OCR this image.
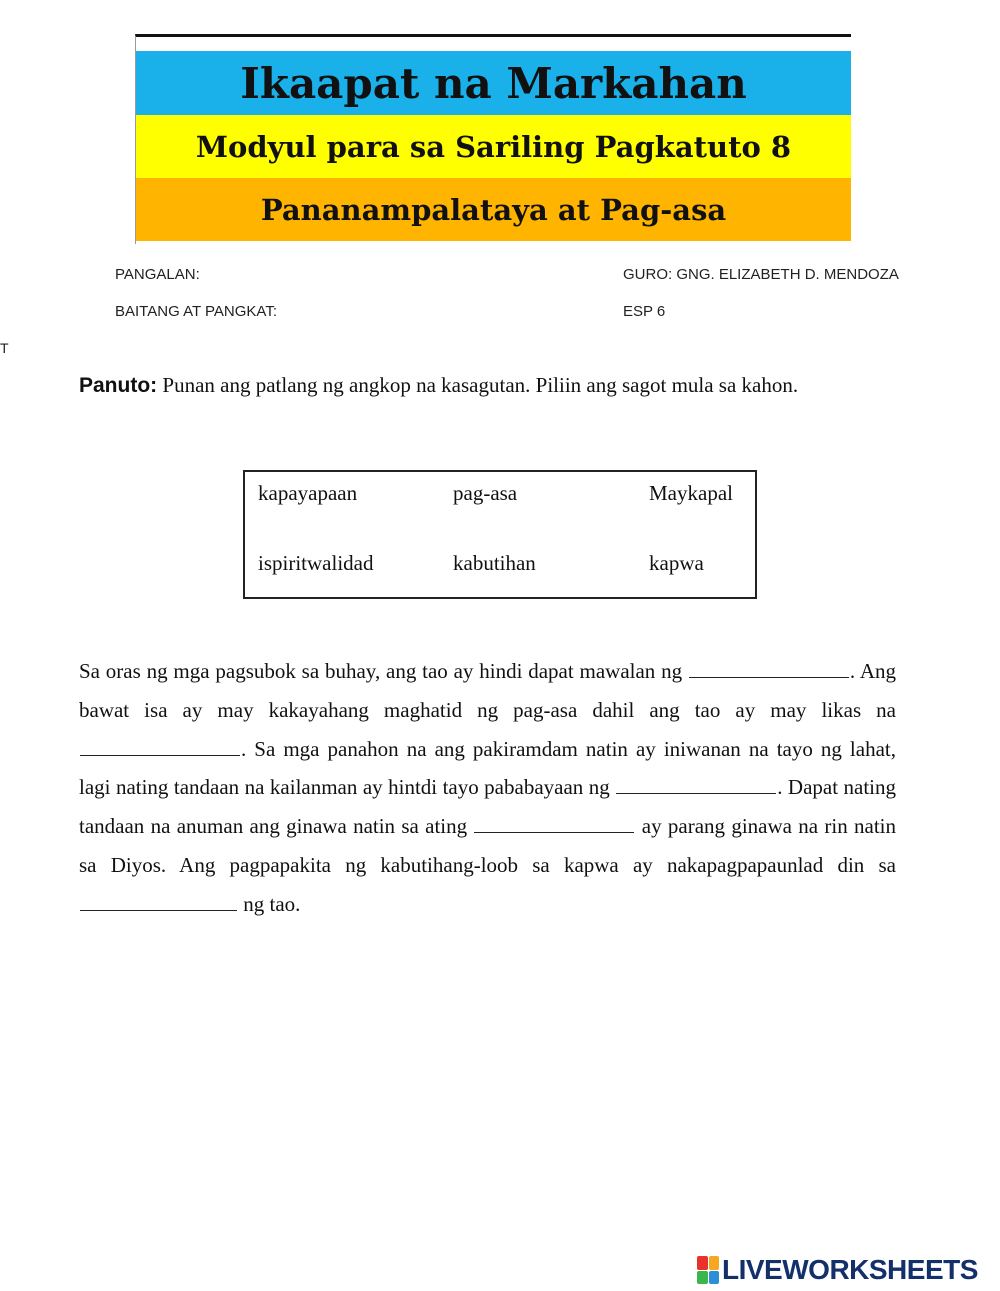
Ikaapat na Markahan
Modyul para sa Sariling Pagkatuto 8
Pananampalataya at Pag-asa
PANGALAN:	GURO: GNG. ELIZABETH D. MENDOZA
BAITANG AT PANGKAT:	ESP 6
T
Panuto: Punan ang patlang ng angkop na kasagutan. Piliin ang sagot mula sa kahon.
kapayapaan	pag-asa	Maykapal
ispiritwalidad	kabutihan	kapwa
Sa oras ng mga pagsubok sa buhay, ang tao ay hindi dapat mawalan ng	. Ang bawat isa ay may kakayahang maghatid ng pag-asa dahil ang tao ay may likas na . Sa mga panahon na ang pakiramdam natin ay iniwanan na tayo ng lahat, lagi nating tandaan na kailanman ay hintdi tayo pababayaan ng	. Dapat nating tandaan na anuman ang ginawa natin sa ating	ay parang ginawa na rin natin sa Diyos. Ang pagpapakita ng kabutihang-loob sa kapwa ay nakapagpapaunlad din sa  ng tao.
LIVEWORKSHEETS
